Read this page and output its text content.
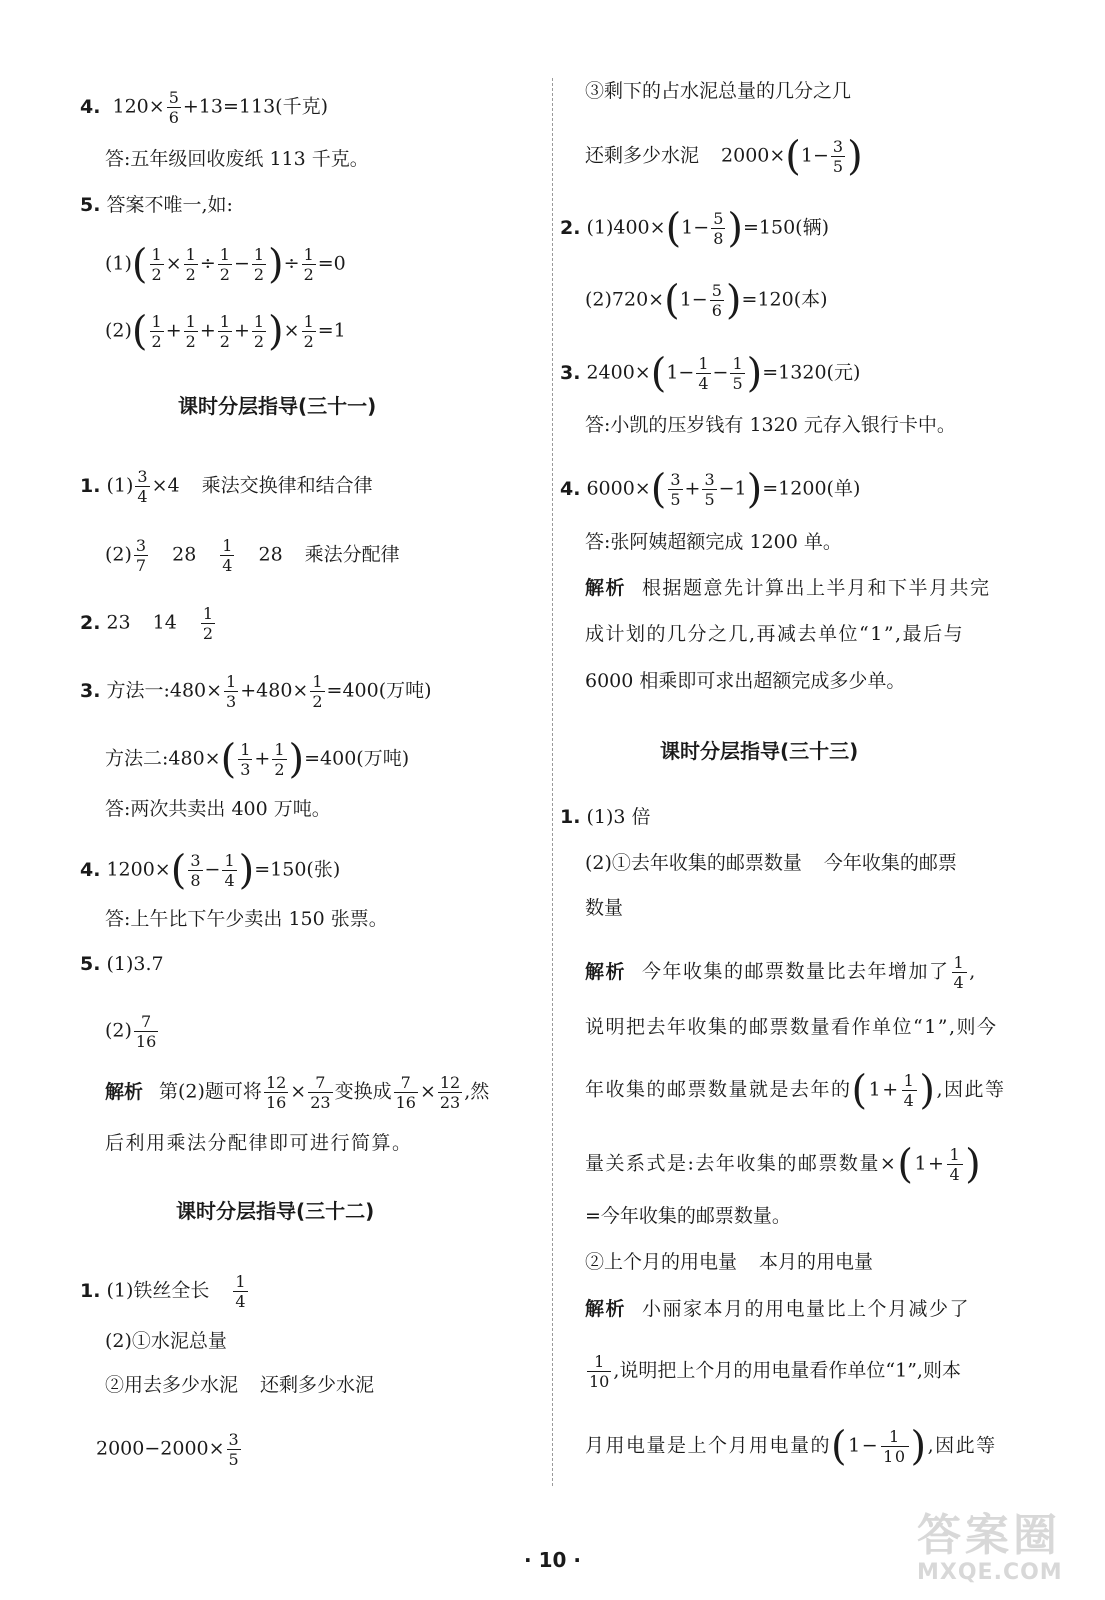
4. $120\times \frac{5}{6} +13=113$(千克)
答:五年级回收废纸 113 千克。
5. 答案不唯一,如:
$(1)( \frac{1}{2} \times \frac{1}{2} \div \frac{1}{2} - \frac{1}{2}$ )÷ $\frac{1}{2} =0$
$(2)( \frac{1}{2} + \frac{1}{2} + \frac{1}{2} + \frac{1}{2}$ )× $\frac{1}{2} =1$
课时分层指导(三十一)
1. $(1) \frac{3}{4} \times 4$ 乘法交换律和结合律
$(2) \frac{3}{7} 28 \frac{1}{4} 28$ 乘法分配律
2. 23 $14 \frac{1}{2}$
3. 方法一:480× $\frac{1}{3} +480\times \frac{1}{2} =400$(万吨)
方法二:480×( $\frac{1}{3} + \frac{1}{2} )=400$(万吨)
答:两次共卖出 400 万吨。
4. $1200\times( \frac{3}{8} - \frac{1}{4} )=150$(张)
答:上午比下午少卖出 150 张票。
5. (1)3.7
$(2) \frac{7}{16}$
解析 第(2)题可将 $\frac{12}{16} \times \frac{7}{23}$ 变换成 $\frac{7}{16} \times \frac{12}{23}$ ,然
后利用乘法分配律即可进行简算。
课时分层指导(三十二)
1. (1)铁丝全长 $\frac{1}{4}$
(2)①水泥总量
②用去多少水泥 还剩多少水泥
$2000-2000\times \frac{3}{5}$
③剩下的占水泥总量的几分之几
还剩多少水泥 $2000\times(1- \frac{3}{5}$ )
2. $(1)400\times(1- \frac{5}{8} )=150$(辆)
$(2)720\times(1- \frac{5}{6} )=120$(本)
3. $2400\times(1- \frac{1}{4} - \frac{1}{5} )=1320$(元)
答:小凯的压岁钱有 1320 元存入银行卡中。
4. $6000\times( \frac{3}{5} + \frac{3}{5} -1)=1200$(单)
答:张阿姨超额完成 1200 单。
解析 根据题意先计算出上半月和下半月共完
成计划的几分之几,再减去单位“1”,最后与
6000 相乘即可求出超额完成多少单。
课时分层指导(三十三)
1. (1)3 倍
(2)①去年收集的邮票数量 今年收集的邮票
数量
解析 今年收集的邮票数量比去年增加了 $\frac{1}{4}$ ,
说明把去年收集的邮票数量看作单位“1”,则今
年收集的邮票数量就是去年的($1+ \frac{1}{4}$ ),因此等
量关系式是:去年收集的邮票数量$\times(1+ \frac{1}{4}$ )
=今年收集的邮票数量。
②上个月的用电量 本月的用电量
解析 小丽家本月的用电量比上个月减少了
$\frac{1}{10}$ ,说明把上个月的用电量看作单位“1”,则本
月用电量是上个月用电量的($1- \frac{1}{10}$ ),因此等
· 10 ·	答案圈
MXQE.COM
